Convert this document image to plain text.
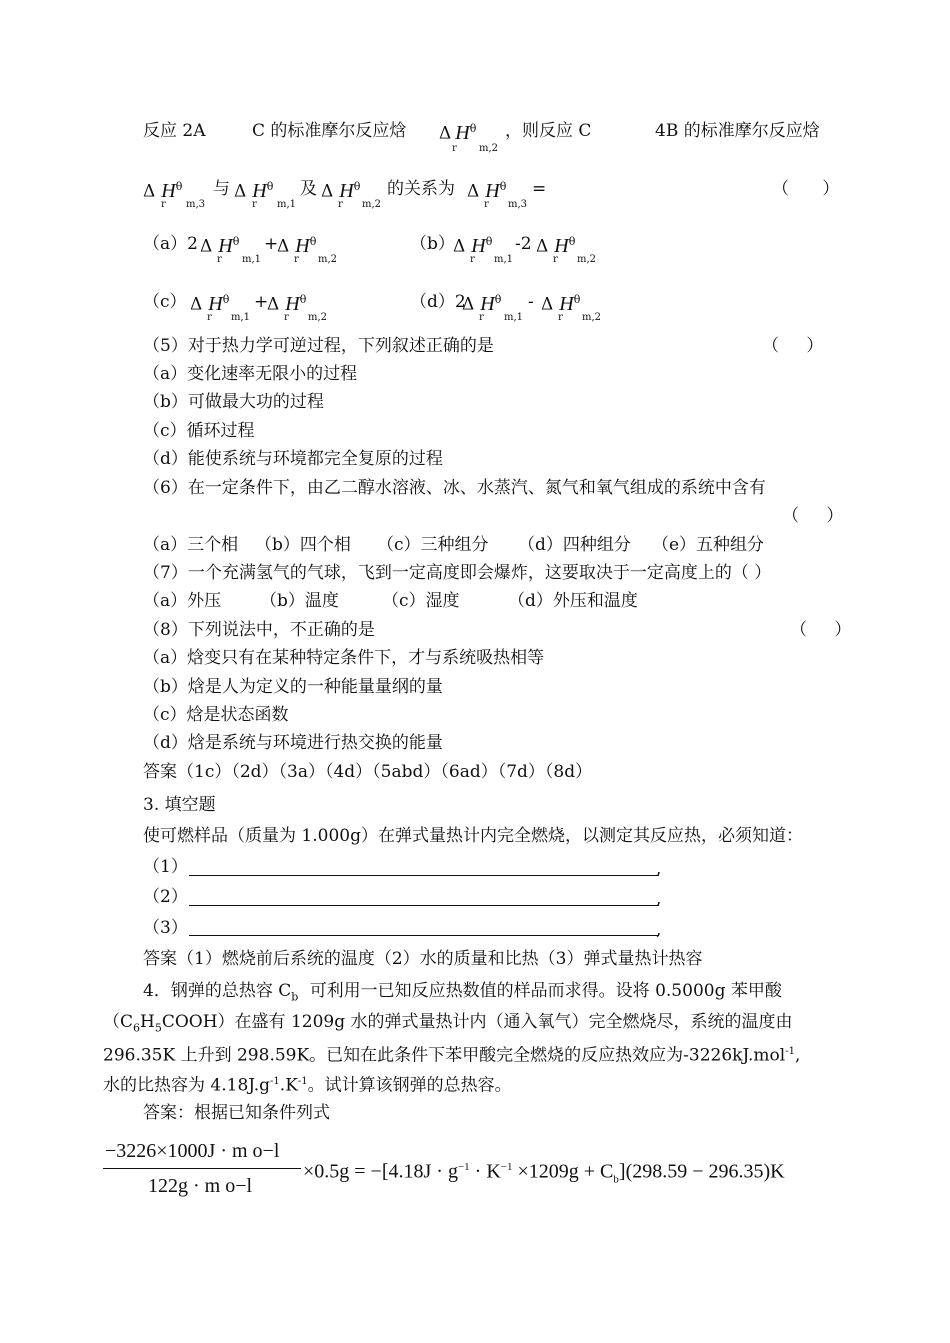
反应 2A	C 的标准摩尔反应焓 Δ $H^\theta$
r m,2
，则反应 C	4B 的标准摩尔反应焓
Δ $H^\theta$
r m,3
与 Δ $H^\theta$
r m,1
及 Δ $H^\theta$
r m,2
的关系为 Δ $H^\theta$
r m,3
=	（ ）
（a）2 Δ $H^\theta$
r m,1
+
Δ $H^\theta$
r m,2
（b）
Δ $H^\theta$
r m,1
-2 Δ $H^\theta$
r m,2
（c） Δ $H^\theta$
r m,1
+
Δ $H^\theta$
r m,2
（d）2
Δ $H^\theta$
r m,1
- Δ $H^\theta$
r m,2
（5）对于热力学可逆过程，下列叙述正确的是	（ ）
（a）变化速率无限小的过程
（b）可做最大功的过程
（c）循环过程
（d）能使系统与环境都完全复原的过程
（6）在一定条件下，由乙二醇水溶液、冰、水蒸汽、氮气和氧气组成的系统中含有
（ ）
（a）三个相 （b）四个相 （c）三种组分 （d）四种组分 （e）五种组分
（7）一个充满氢气的气球，飞到一定高度即会爆炸，这要取决于一定高度上的（ ）
（a）外压 （b）温度	（c）湿度	（d）外压和温度
（8）下列说法中，不正确的是	（ ）
（a）焓变只有在某种特定条件下，才与系统吸热相等
（b）焓是人为定义的一种能量量纲的量
（c）焓是状态函数
（d）焓是系统与环境进行热交换的能量
答案（1c）（2d）（3a）（4d）（5abd）（6ad）（7d）（8d）
3. 填空题
使可燃样品（质量为 1.000g）在弹式量热计内完全燃烧，以测定其反应热，必须知道：
（1）	,
（2）	,
（3）	,
答案（1）燃烧前后系统的温度（2）水的质量和比热（3）弹式量热计热容
4．钢弹的总热容 $C_b$ 可利用一已知反应热数值的样品而求得。设将 0.5000g 苯甲酸
$(C_6H_5COOH)$在盛有 1209g 水的弹式量热计内（通入氧气）完全燃烧尽，系统的温度由
296.35K 上升到 298.59K。已知在此条件下苯甲酸完全燃烧的反应热效应为-3226kJ.mol$^{-1}$,
水的比热容为 $4.18J.g^{-1}.K^{-1}$。试计算该钢弹的总热容。
答案：根据已知条件列式
−3226×1000J · m o−l
122g · m o−l
$\times 0.5g = -[4.18J \cdot g^{-1} \cdot K^{-1} \times 1209g + C_b](298.59 - 296.35)K$
